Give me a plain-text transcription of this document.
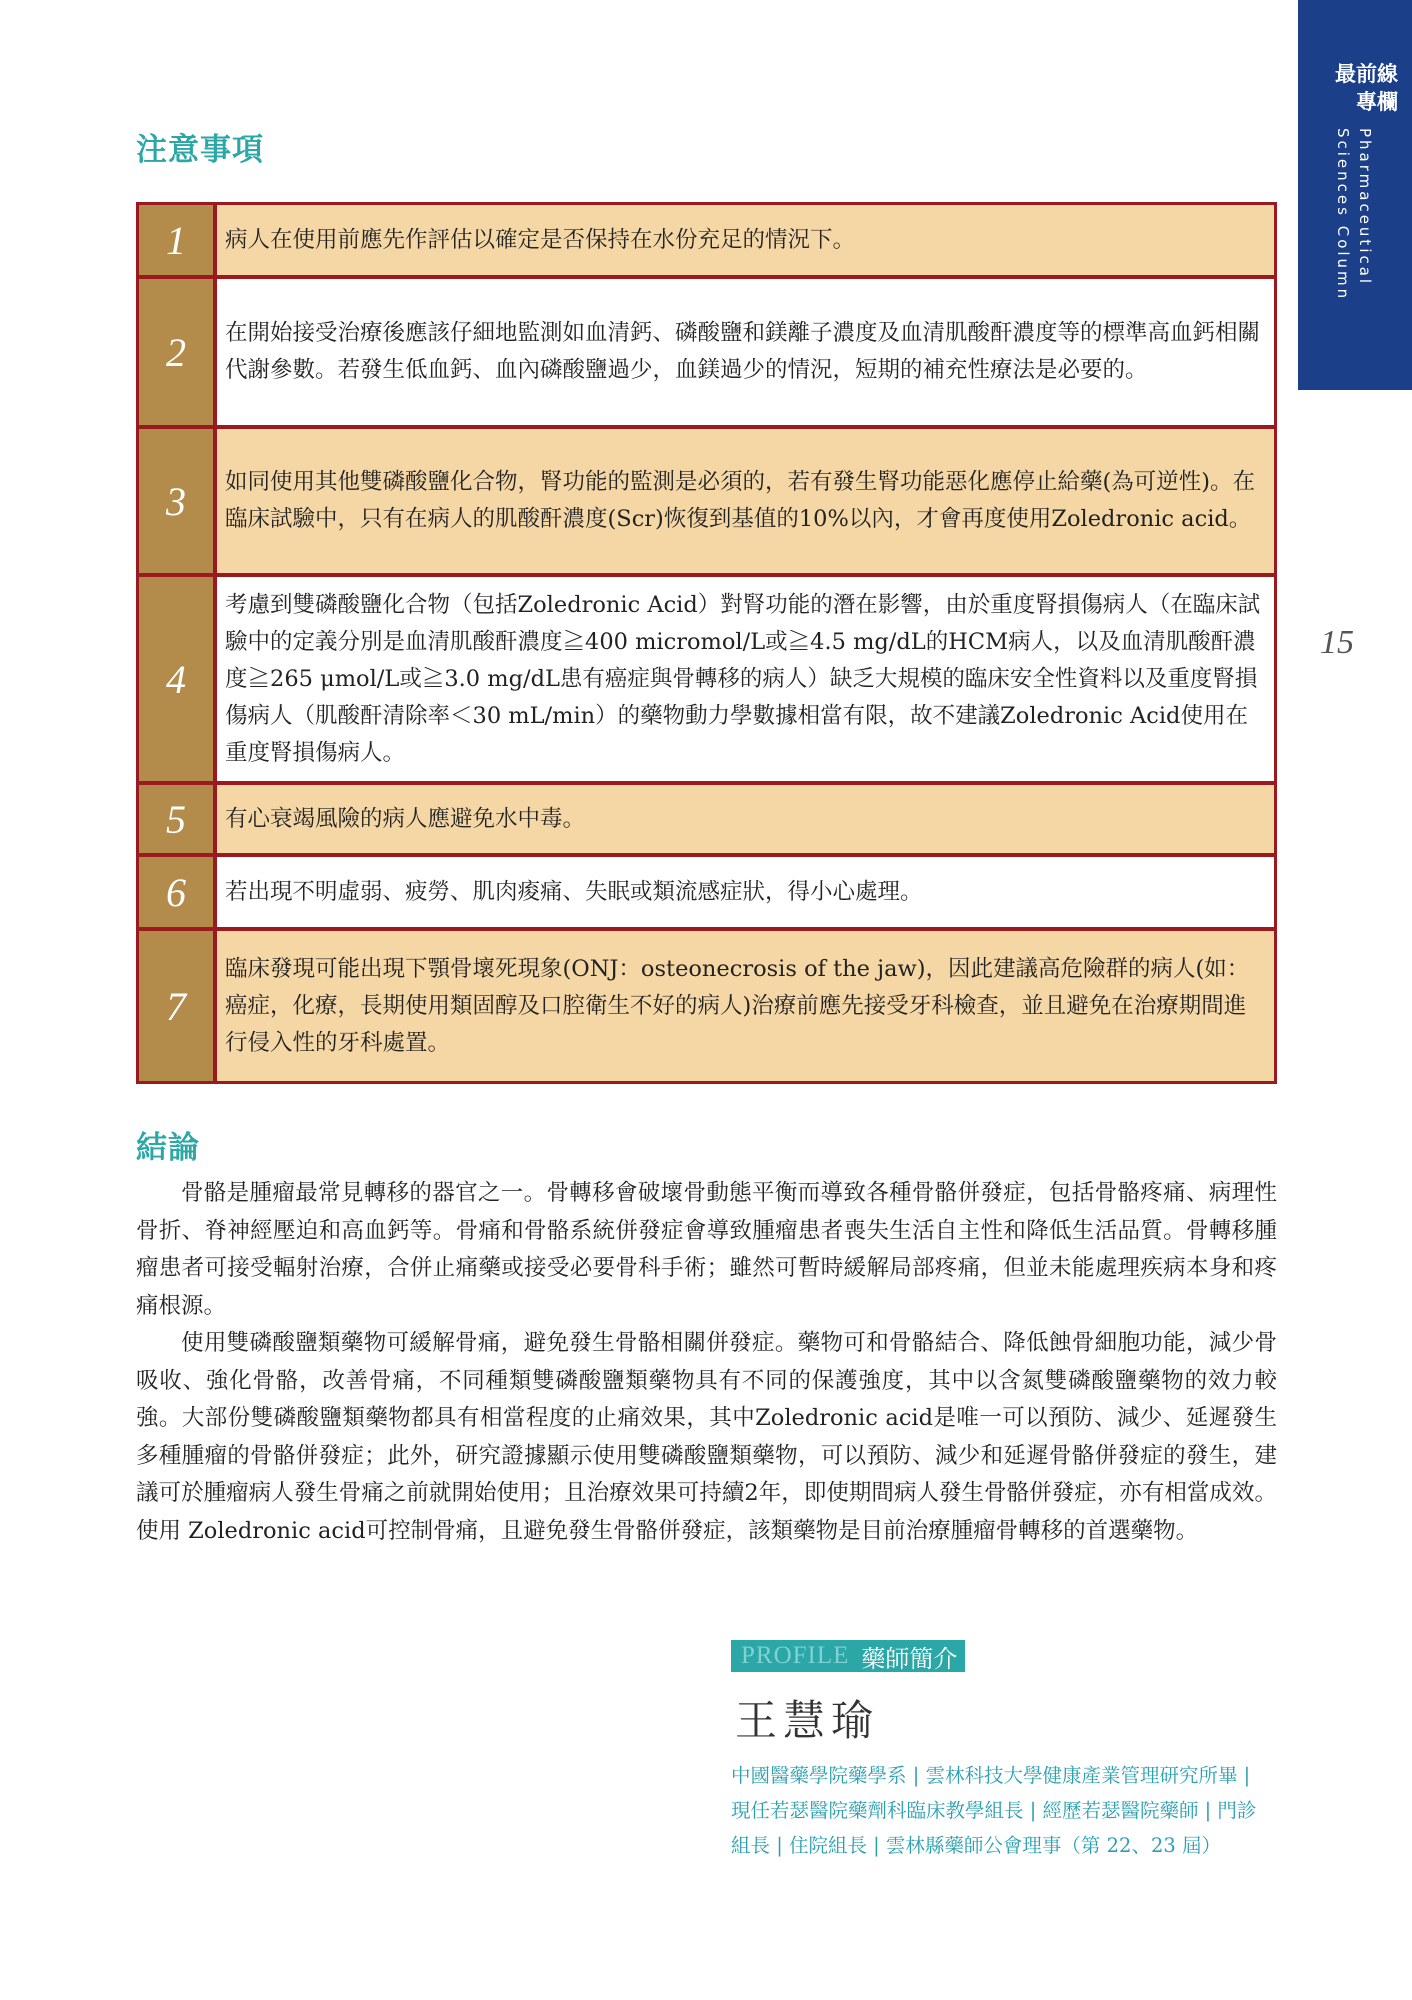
最前線
專欄
Pharmaceutical
Sciences Column
15
注意事項
1	病人在使用前應先作評估以確定是否保持在水份充足的情況下。
2	在開始接受治療後應該仔細地監測如血清鈣、磷酸鹽和鎂離子濃度及血清肌酸酐濃度等的標準高血鈣相關代謝參數。若發生低血鈣、血內磷酸鹽過少，血鎂過少的情況，短期的補充性療法是必要的。
3	如同使用其他雙磷酸鹽化合物，腎功能的監測是必須的，若有發生腎功能惡化應停止給藥(為可逆性)。在臨床試驗中，只有在病人的肌酸酐濃度(Scr)恢復到基值的10%以內，才會再度使用Zoledronic acid。
4
考慮到雙磷酸鹽化合物（包括Zoledronic Acid）對腎功能的潛在影響，由於重度腎損傷病人（在臨床試驗中的定義分別是血清肌酸酐濃度≧400 micromol/L或≧4.5 mg/dL的HCM病人，以及血清肌酸酐濃度≧265 μmol/L或≧3.0 mg/dL患有癌症與骨轉移的病人）缺乏大規模的臨床安全性資料以及重度腎損傷病人（肌酸酐清除率＜30 mL/min）的藥物動力學數據相當有限，故不建議Zoledronic Acid使用在重度腎損傷病人。
5	有心衰竭風險的病人應避免水中毒。
6	若出現不明虛弱、疲勞、肌肉痠痛、失眠或類流感症狀，得小心處理。
7
臨床發現可能出現下顎骨壞死現象(ONJ：osteonecrosis of the jaw)，因此建議高危險群的病人(如：癌症，化療，長期使用類固醇及口腔衛生不好的病人)治療前應先接受牙科檢查，並且避免在治療期間進行侵入性的牙科處置。
結論

骨骼是腫瘤最常見轉移的器官之一。骨轉移會破壞骨動態平衡而導致各種骨骼併發症，包括骨骼疼痛、病理性骨折、脊神經壓迫和高血鈣等。骨痛和骨骼系統併發症會導致腫瘤患者喪失生活自主性和降低生活品質。骨轉移腫瘤患者可接受輻射治療，合併止痛藥或接受必要骨科手術；雖然可暫時緩解局部疼痛，但並未能處理疾病本身和疼痛根源。

使用雙磷酸鹽類藥物可緩解骨痛，避免發生骨骼相關併發症。藥物可和骨骼結合、降低蝕骨細胞功能，減少骨吸收、強化骨骼，改善骨痛，不同種類雙磷酸鹽類藥物具有不同的保護強度，其中以含氮雙磷酸鹽藥物的效力較強。大部份雙磷酸鹽類藥物都具有相當程度的止痛效果，其中Zoledronic acid是唯一可以預防、減少、延遲發生多種腫瘤的骨骼併發症；此外，研究證據顯示使用雙磷酸鹽類藥物，可以預防、減少和延遲骨骼併發症的發生，建議可於腫瘤病人發生骨痛之前就開始使用；且治療效果可持續2年，即使期間病人發生骨骼併發症，亦有相當成效。使用 Zoledronic acid可控制骨痛，且避免發生骨骼併發症，該類藥物是目前治療腫瘤骨轉移的首選藥物。

PROFILE 藥師簡介
王慧瑜
中國醫藥學院藥學系 | 雲林科技大學健康產業管理研究所畢 |
現任若瑟醫院藥劑科臨床教學組長 | 經歷若瑟醫院藥師 | 門診
組長 | 住院組長 | 雲林縣藥師公會理事（第 22、23 屆）
